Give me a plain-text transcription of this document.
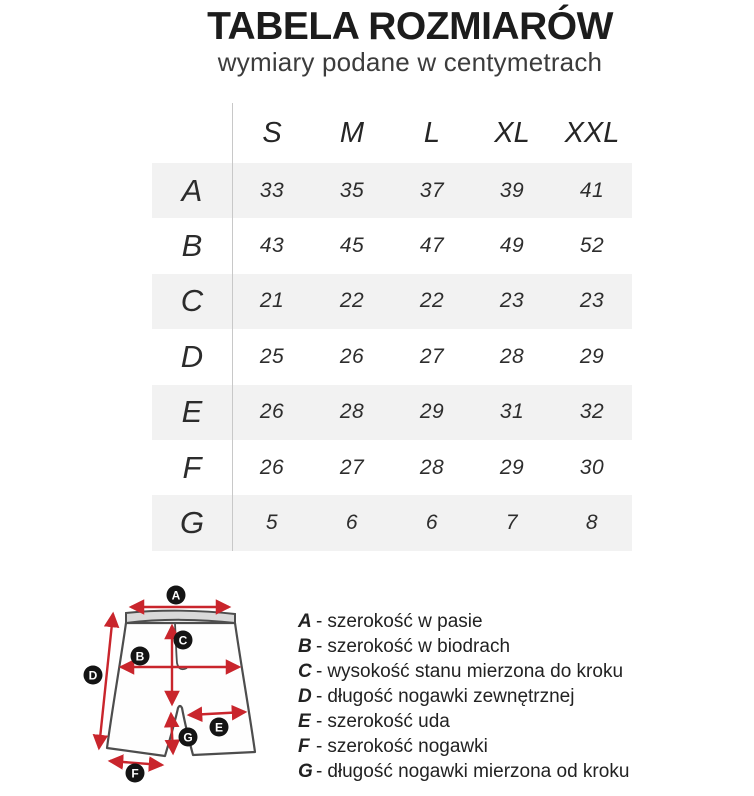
TABELA ROZMIARÓW
wymiary podane w centymetrach
S	M	L	XL	XXL
A	33	35	37	39	41
B	43	45	47	49	52
C	21	22	22	23	23
D	25	26	27	28	29
E	26	28	29	31	32
F	26	27	28	29	30
G	5	6	6	7	8
A
B
C
D
E
F
G
A - szerokość w pasie
B - szerokość w biodrach
C - wysokość stanu mierzona do kroku
D - długość nogawki zewnętrznej
E - szerokość uda
F - szerokość nogawki
G - długość nogawki mierzona od kroku
